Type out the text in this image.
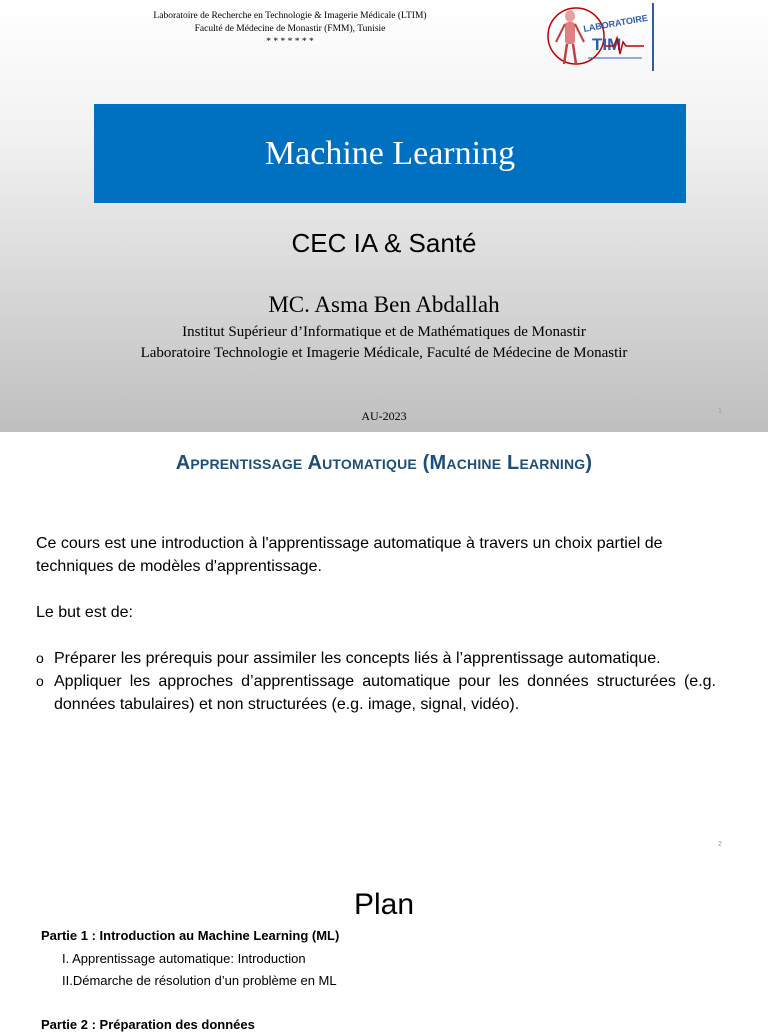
Laboratoire de Recherche en Technologie & Imagerie Médicale (LTIM)
Faculté de Médecine de Monastir (FMM), Tunisie
* * * * * * *
LABORATOIRE
TIM
Machine Learning
CEC IA & Santé
MC. Asma Ben Abdallah
Institut Supérieur d’Informatique et de Mathématiques de Monastir
Laboratoire Technologie et Imagerie Médicale, Faculté de Médecine de Monastir
AU-2023	1
Apprentissage Automatique (Machine Learning)

Ce cours est une introduction à l'apprentissage automatique à travers un choix partiel de techniques de modèles d'apprentissage.

Le but est de:

o Préparer les prérequis pour assimiler les concepts liés à l’apprentissage automatique.
o Appliquer les approches d’apprentissage automatique pour les données structurées (e.g. données tabulaires) et non structurées (e.g. image, signal, vidéo).
2
Plan
Partie 1 : Introduction au Machine Learning (ML)
I. Apprentissage automatique: Introduction
II.Démarche de résolution d’un problème en ML
Partie 2 : Préparation des données
